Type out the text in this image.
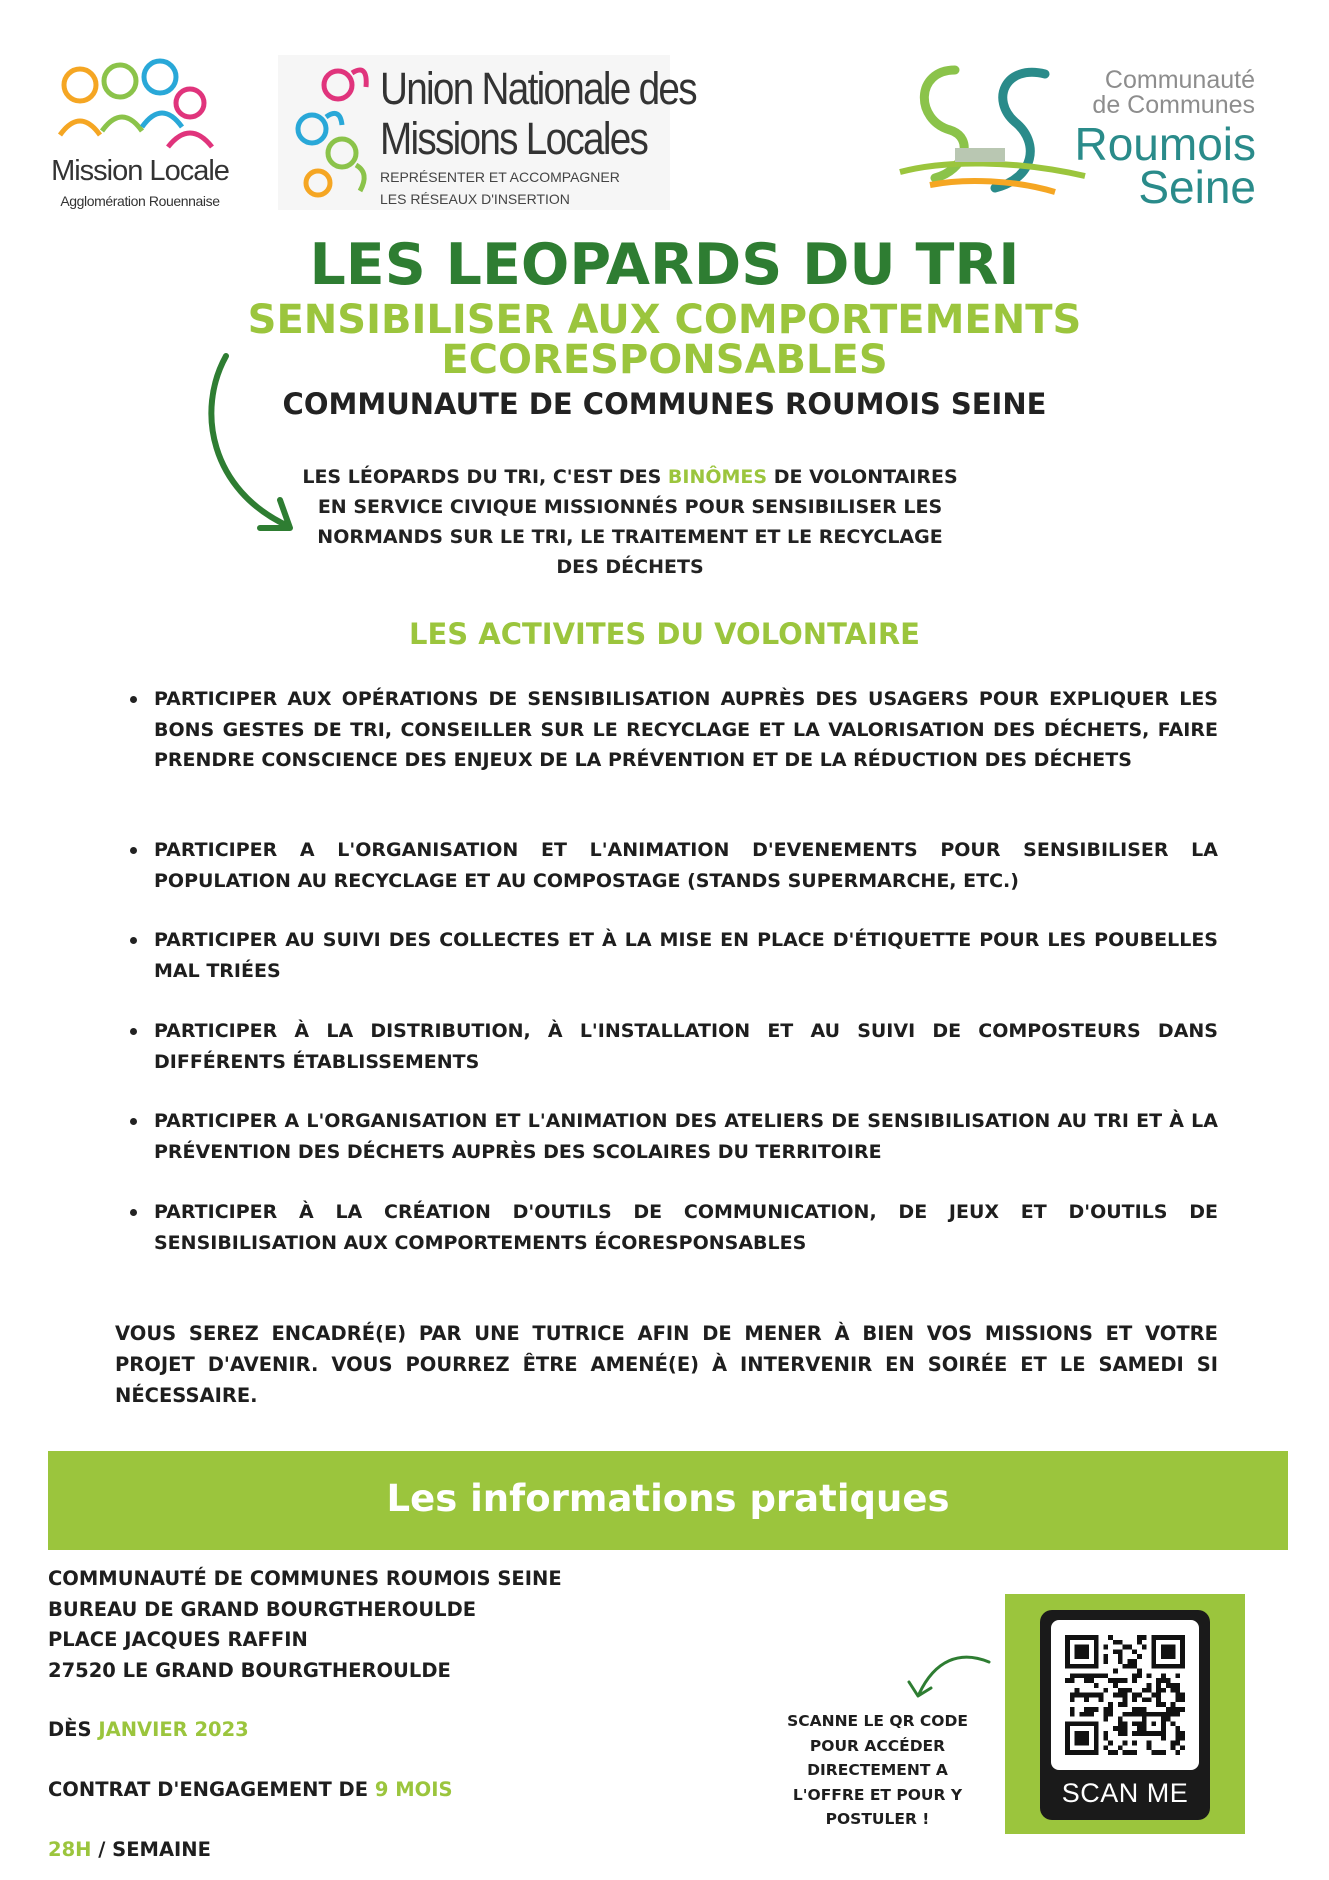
Mission Locale
Agglomération Rouennaise
Union Nationale des
Missions Locales
REPRÉSENTER ET ACCOMPAGNER
LES RÉSEAUX D'INSERTION
Communauté
de Communes
Roumois
Seine
LES LEOPARDS DU TRI
SENSIBILISER AUX COMPORTEMENTS
ECORESPONSABLES
COMMUNAUTE DE COMMUNES ROUMOIS SEINE
LES LÉOPARDS DU TRI, C'EST DES BINÔMES DE VOLONTAIRES EN SERVICE CIVIQUE MISSIONNÉS POUR SENSIBILISER LES NORMANDS SUR LE TRI, LE TRAITEMENT ET LE RECYCLAGE DES DÉCHETS
LES ACTIVITES DU VOLONTAIRE
PARTICIPER AUX OPÉRATIONS DE SENSIBILISATION AUPRÈS DES USAGERS POUR EXPLIQUER LES BONS GESTES DE TRI, CONSEILLER SUR LE RECYCLAGE ET LA VALORISATION DES DÉCHETS, FAIRE PRENDRE CONSCIENCE DES ENJEUX DE LA PRÉVENTION ET DE LA RÉDUCTION DES DÉCHETS
PARTICIPER A L'ORGANISATION ET L'ANIMATION D'EVENEMENTS POUR SENSIBILISER LA POPULATION AU RECYCLAGE ET AU COMPOSTAGE (STANDS SUPERMARCHE, ETC.)
PARTICIPER AU SUIVI DES COLLECTES ET À LA MISE EN PLACE D'ÉTIQUETTE POUR LES POUBELLES MAL TRIÉES
PARTICIPER À LA DISTRIBUTION, À L'INSTALLATION ET AU SUIVI DE COMPOSTEURS DANS DIFFÉRENTS ÉTABLISSEMENTS
PARTICIPER A L'ORGANISATION ET L'ANIMATION DES ATELIERS DE SENSIBILISATION AU TRI ET À LA PRÉVENTION DES DÉCHETS AUPRÈS DES SCOLAIRES DU TERRITOIRE
PARTICIPER À LA CRÉATION D'OUTILS DE COMMUNICATION, DE JEUX ET D'OUTILS DE SENSIBILISATION AUX COMPORTEMENTS ÉCORESPONSABLES
VOUS SEREZ ENCADRÉ(E) PAR UNE TUTRICE AFIN DE MENER À BIEN VOS MISSIONS ET VOTRE PROJET D'AVENIR. VOUS POURREZ ÊTRE AMENÉ(E) À INTERVENIR EN SOIRÉE ET LE SAMEDI SI NÉCESSAIRE.
Les informations pratiques
COMMUNAUTÉ DE COMMUNES ROUMOIS SEINE
BUREAU DE GRAND BOURGTHEROULDE
PLACE JACQUES RAFFIN
27520 LE GRAND BOURGTHEROULDE
DÈS JANVIER 2023
CONTRAT D'ENGAGEMENT DE 9 MOIS
28H / SEMAINE
SCANNE LE QR CODE
POUR ACCÉDER
DIRECTEMENT A
L'OFFRE ET POUR Y
POSTULER !
SCAN ME
